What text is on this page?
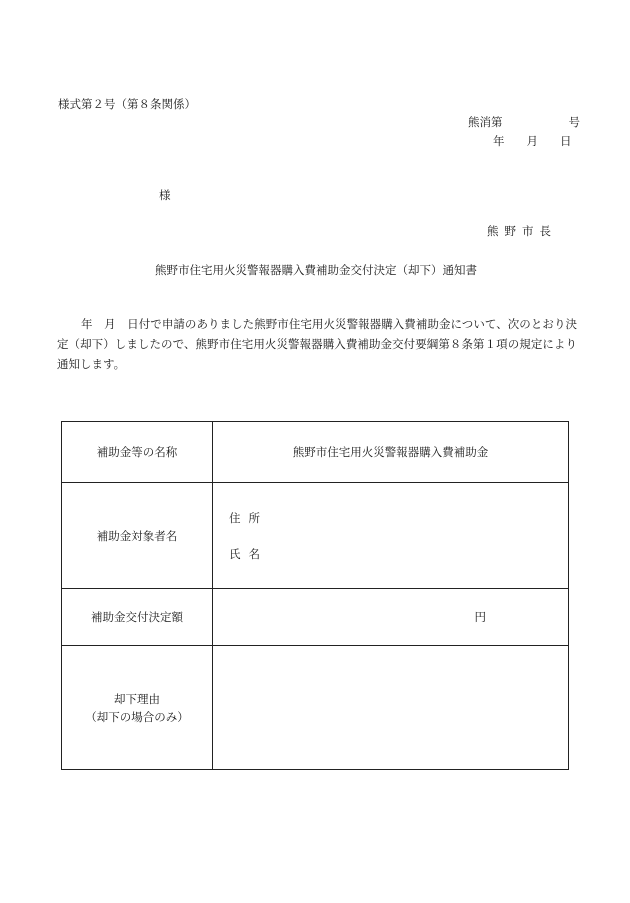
様式第２号（第８条関係）
熊消第	号
年 月 日
様
熊野市長
熊野市住宅用火災警報器購入費補助金交付決定（却下）通知書
年　月　日付で申請のありました熊野市住宅用火災警報器購入費補助金について、次のとおり決定（却下）しましたので、熊野市住宅用火災警報器購入費補助金交付要綱第８条第１項の規定により通知します。
補助金等の名称	熊野市住宅用火災警報器購入費補助金
補助金対象者名	住所
氏名

補助金交付決定額	円

却下理由
（却下の場合のみ）	
